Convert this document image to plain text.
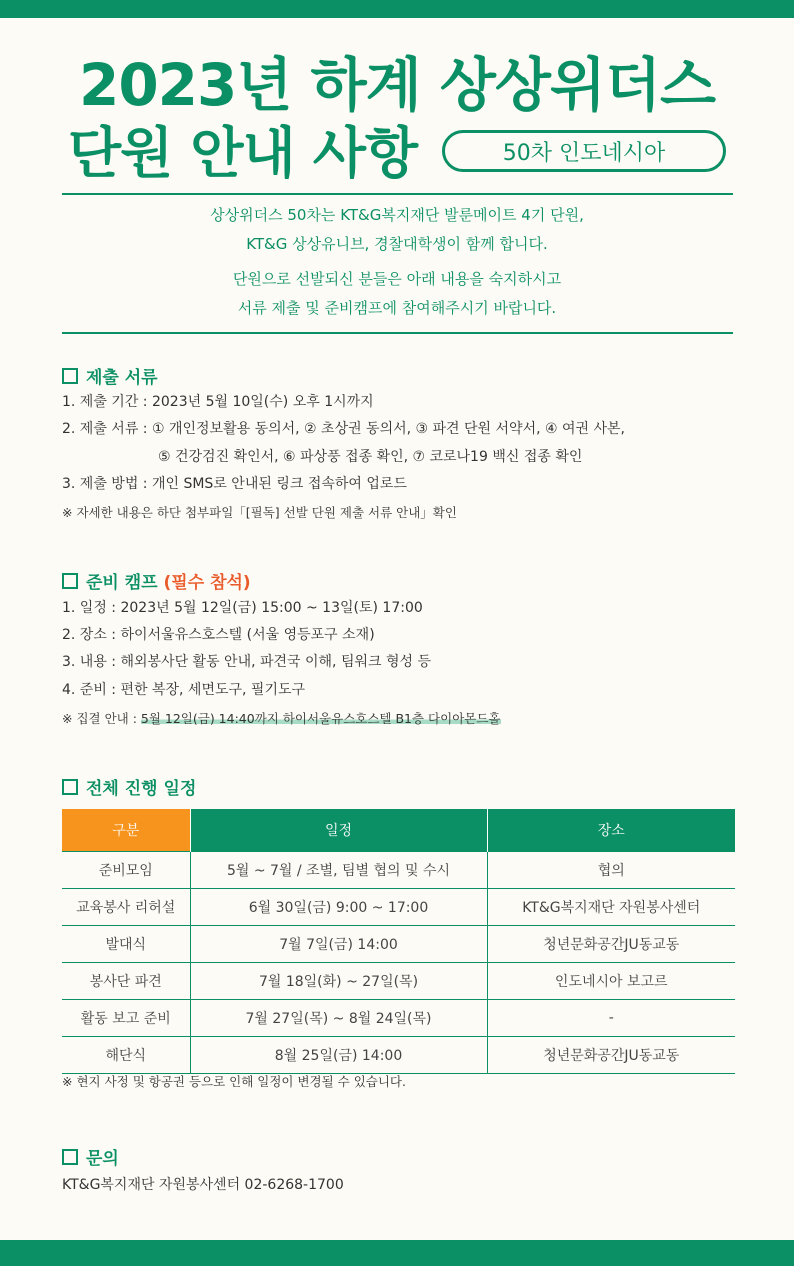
2023년 하계 상상위더스
단원 안내 사항	50차 인도네시아
상상위더스 50차는 KT&G복지재단 발룬메이트 4기 단원,
KT&G 상상유니브, 경찰대학생이 함께 합니다.
단원으로 선발되신 분들은 아래 내용을 숙지하시고
서류 제출 및 준비캠프에 참여해주시기 바랍니다.
제출 서류
1. 제출 기간 : 2023년 5월 10일(수) 오후 1시까지
2. 제출 서류 : ① 개인정보활용 동의서, ② 초상권 동의서, ③ 파견 단원 서약서, ④ 여권 사본,
⑤ 건강검진 확인서, ⑥ 파상풍 접종 확인, ⑦ 코로나19 백신 접종 확인
3. 제출 방법 : 개인 SMS로 안내된 링크 접속하여 업로드
※ 자세한 내용은 하단 첨부파일「[필독] 선발 단원 제출 서류 안내」확인
준비 캠프 (필수 참석)
1. 일정 : 2023년 5월 12일(금) 15:00 ~ 13일(토) 17:00
2. 장소 : 하이서울유스호스텔 (서울 영등포구 소재)
3. 내용 : 해외봉사단 활동 안내, 파견국 이해, 팀워크 형성 등
4. 준비 : 편한 복장, 세면도구, 필기도구
※ 집결 안내 : 5월 12일(금) 14:40까지 하이서울유스호스텔 B1층 다이아몬드홀
전체 진행 일정
구분	일정	장소
준비모임	5월 ~ 7월 / 조별, 팀별 협의 및 수시	협의
교육봉사 리허설	6월 30일(금) 9:00 ~ 17:00	KT&G복지재단 자원봉사센터
발대식	7월 7일(금) 14:00	청년문화공간JU동교동
봉사단 파견	7월 18일(화) ~ 27일(목)	인도네시아 보고르
활동 보고 준비	7월 27일(목) ~ 8월 24일(목)	-
해단식	8월 25일(금) 14:00	청년문화공간JU동교동
※ 현지 사정 및 항공권 등으로 인해 일정이 변경될 수 있습니다.
문의
KT&G복지재단 자원봉사센터 02-6268-1700
